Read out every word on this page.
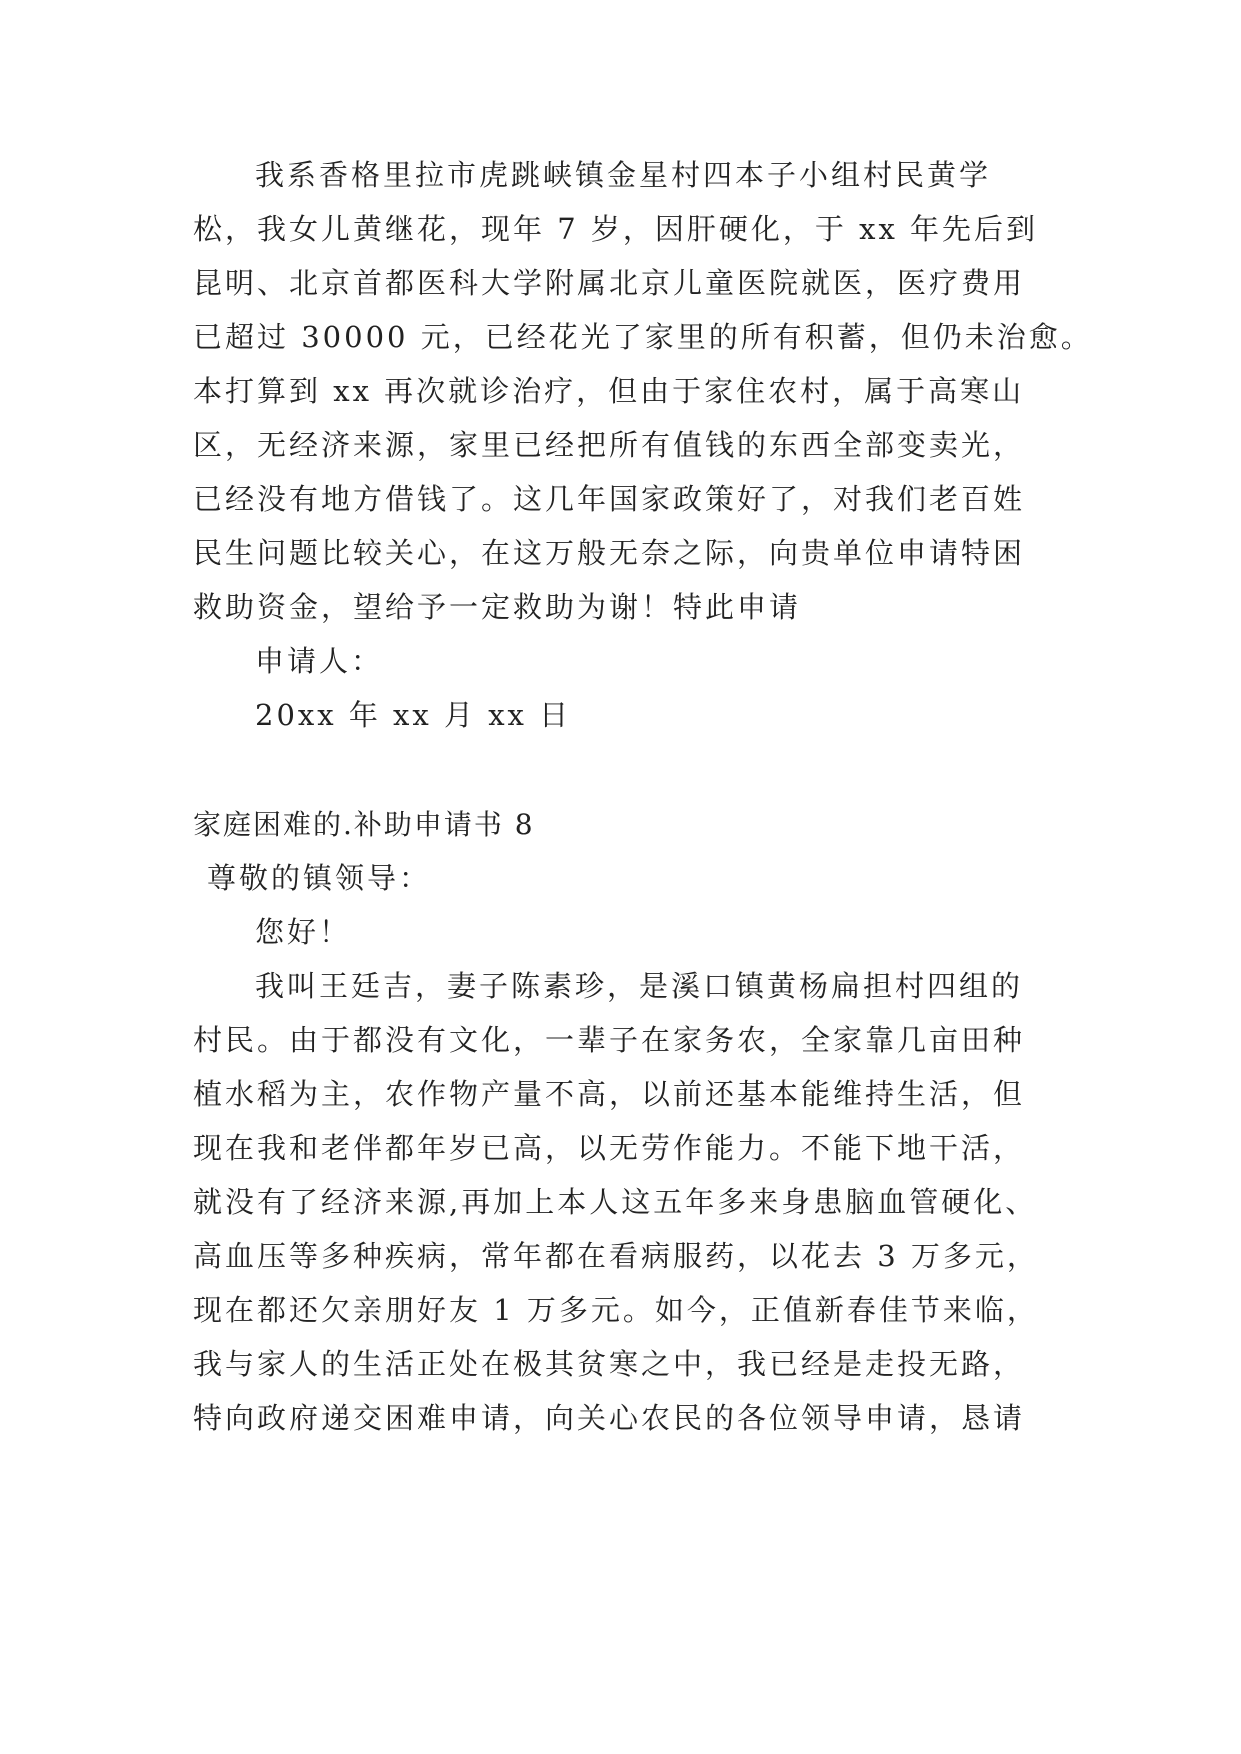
我系香格里拉市虎跳峡镇金星村四本子小组村民黄学
松，我女儿黄继花，现年 7 岁，因肝硬化，于 xx 年先后到
昆明、北京首都医科大学附属北京儿童医院就医，医疗费用
已超过 30000 元，已经花光了家里的所有积蓄，但仍未治愈。
本打算到 xx 再次就诊治疗，但由于家住农村，属于高寒山
区，无经济来源，家里已经把所有值钱的东西全部变卖光，
已经没有地方借钱了。这几年国家政策好了，对我们老百姓
民生问题比较关心，在这万般无奈之际，向贵单位申请特困
救助资金，望给予一定救助为谢！特此申请
申请人：
20xx 年 xx 月 xx 日
家庭困难的.补助申请书 8
尊敬的镇领导：
您好！
我叫王廷吉，妻子陈素珍，是溪口镇黄杨扁担村四组的
村民。由于都没有文化，一辈子在家务农，全家靠几亩田种
植水稻为主，农作物产量不高，以前还基本能维持生活，但
现在我和老伴都年岁已高，以无劳作能力。不能下地干活，
就没有了经济来源,再加上本人这五年多来身患脑血管硬化、
高血压等多种疾病，常年都在看病服药，以花去 3 万多元，
现在都还欠亲朋好友 1 万多元。如今，正值新春佳节来临，
我与家人的生活正处在极其贫寒之中，我已经是走投无路，
特向政府递交困难申请，向关心农民的各位领导申请，恳请
